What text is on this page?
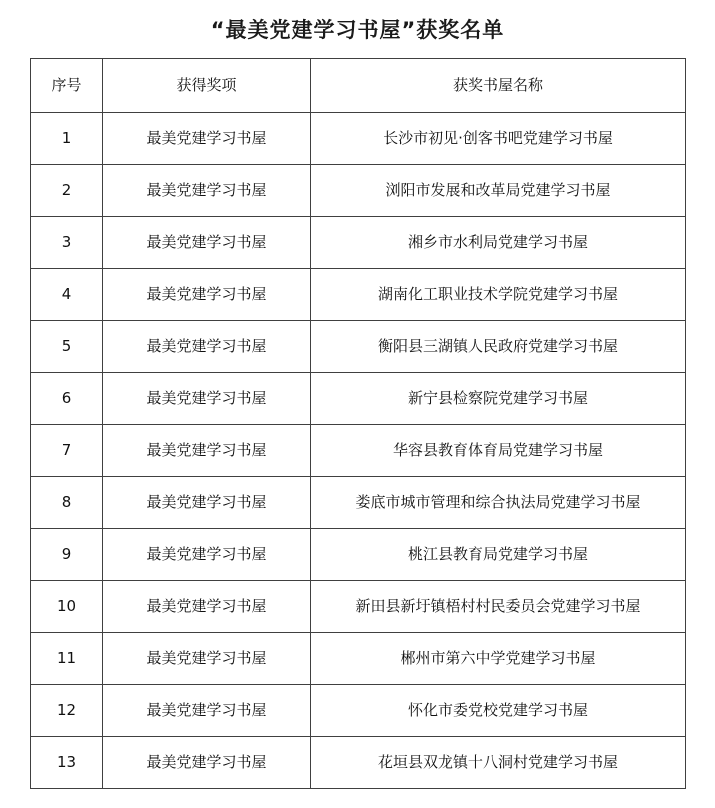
“最美党建学习书屋”获奖名单
序号	获得奖项	获奖书屋名称
1	最美党建学习书屋	长沙市初见·创客书吧党建学习书屋
2	最美党建学习书屋	浏阳市发展和改革局党建学习书屋
3	最美党建学习书屋	湘乡市水利局党建学习书屋
4	最美党建学习书屋	湖南化工职业技术学院党建学习书屋
5	最美党建学习书屋	衡阳县三湖镇人民政府党建学习书屋
6	最美党建学习书屋	新宁县检察院党建学习书屋
7	最美党建学习书屋	华容县教育体育局党建学习书屋
8	最美党建学习书屋	娄底市城市管理和综合执法局党建学习书屋
9	最美党建学习书屋	桃江县教育局党建学习书屋
10	最美党建学习书屋	新田县新圩镇梧村村民委员会党建学习书屋
11	最美党建学习书屋	郴州市第六中学党建学习书屋
12	最美党建学习书屋	怀化市委党校党建学习书屋
13	最美党建学习书屋	花垣县双龙镇十八洞村党建学习书屋
